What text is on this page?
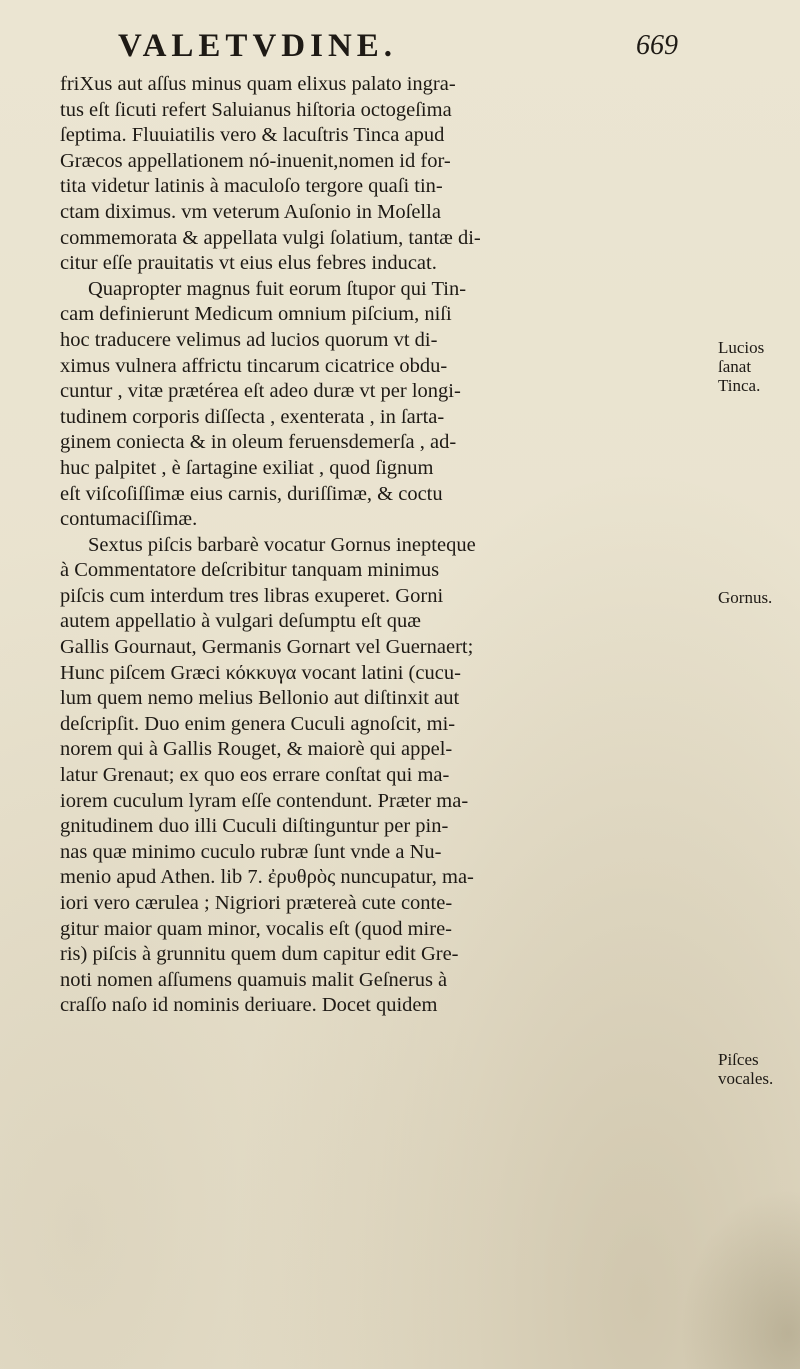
VALETVDINE.	669
friXus aut aſſus minus quam elixus palato ingra-
tus eſt ſicuti refert Saluianus hiſtoria octogeſima
ſeptima. Fluuiatilis vero & lacuſtris Tinca apud
Græcos appellationem nó-inuenit,nomen id for-
tita videtur latinis à maculoſo tergore quaſi tin-
ctam diximus. vm veterum Auſonio in Moſella
commemorata & appellata vulgi ſolatium, tantæ di-
citur eſſe prauitatis vt eius elus febres inducat.
Quapropter magnus fuit eorum ſtupor qui Tin-
cam definierunt Medicum omnium piſcium, niſi
hoc traducere velimus ad lucios quorum vt di-
ximus vulnera affrictu tincarum cicatrice obdu-
cuntur , vitæ prætérea eſt adeo duræ vt per longi-
tudinem corporis diſſecta , exenterata , in ſarta-
ginem coniecta & in oleum feruensdemerſa , ad-
huc palpitet , è ſartagine exiliat , quod ſignum
eſt viſcoſiſſimæ eius carnis, duriſſimæ, & coctu
contumaciſſimæ.
Sextus piſcis barbarè vocatur Gornus inepteque
à Commentatore deſcribitur tanquam minimus
piſcis cum interdum tres libras exuperet. Gorni
autem appellatio à vulgari deſumptu eſt quæ
Gallis Gournaut, Germanis Gornart vel Guernaert;
Hunc piſcem Græci κόκκυγα vocant latini (cucu-
lum quem nemo melius Bellonio aut diſtinxit aut
deſcripſit. Duo enim genera Cuculi agnoſcit, mi-
norem qui à Gallis Rouget, & maiorè qui appel-
latur Grenaut; ex quo eos errare conſtat qui ma-
iorem cuculum lyram eſſe contendunt. Præter ma-
gnitudinem duo illi Cuculi diſtinguntur per pin-
nas quæ minimo cuculo rubræ ſunt vnde a Nu-
menio apud Athen. lib 7. ἐρυθρὸς nuncupatur, ma-
iori vero cærulea ; Nigriori prætereà cute conte-
gitur maior quam minor, vocalis eſt (quod mire-
ris) piſcis à grunnitu quem dum capitur edit Gre-
noti nomen aſſumens quamuis malit Geſnerus à
craſſo naſo id nominis deriuare. Docet quidem
Lucios
ſanat
Tinca.
Gornus.
Piſces
vocales.
